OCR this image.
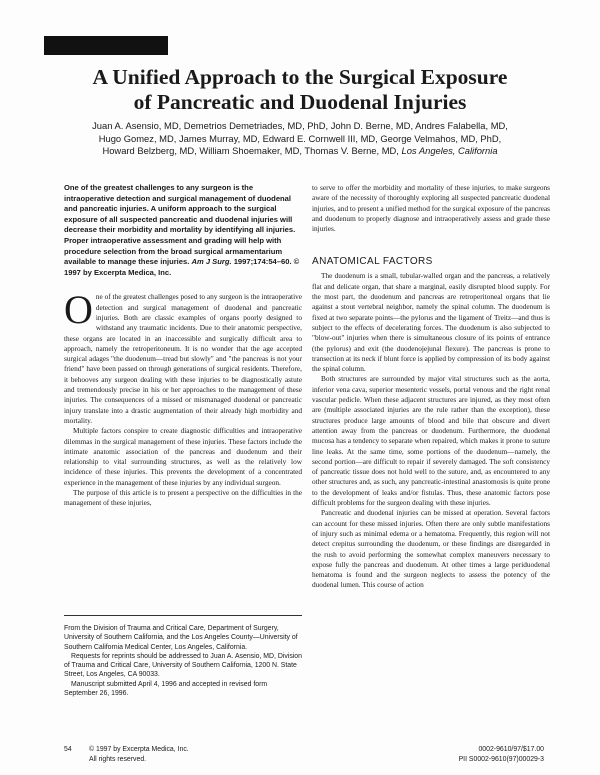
A Unified Approach to the Surgical Exposure
of Pancreatic and Duodenal Injuries
Juan A. Asensio, MD, Demetrios Demetriades, MD, PhD, John D. Berne, MD, Andres Falabella, MD,
Hugo Gomez, MD, James Murray, MD, Edward E. Cornwell III, MD, George Velmahos, MD, PhD,
Howard Belzberg, MD, William Shoemaker, MD, Thomas V. Berne, MD, Los Angeles, California

One of the greatest challenges to any surgeon is the intraoperative detection and surgical management of duodenal and pancreatic injuries. A uniform approach to the surgical exposure of all suspected pancreatic and duodenal injuries will decrease their morbidity and mortality by identifying all injuries. Proper intraoperative assessment and grading will help with procedure selection from the broad surgical armamentarium available to manage these injuries. Am J Surg. 1997;174:54–60. © 1997 by Excerpta Medica, Inc.

One of the greatest challenges posed to any surgeon is the intraoperative detection and surgical management of duodenal and pancreatic injuries. Both are classic examples of organs poorly designed to withstand any traumatic incidents. Due to their anatomic perspective, these organs are located in an inaccessible and surgically difficult area to approach, namely the retroperitoneum. It is no wonder that the age accepted surgical adages "the duodenum—tread but slowly" and "the pancreas is not your friend" have been passed on through generations of surgical residents. Therefore, it behooves any surgeon dealing with these injuries to be diagnostically astute and tremendously precise in his or her approaches to the management of these injuries. The consequences of a missed or mismanaged duodenal or pancreatic injury translate into a drastic augmentation of their already high morbidity and mortality.

Multiple factors conspire to create diagnostic difficulties and intraoperative dilemmas in the surgical management of these injuries. These factors include the intimate anatomic association of the pancreas and duodenum and their relationship to vital surrounding structures, as well as the relatively low incidence of these injuries. This prevents the development of a concentrated experience in the management of these injuries by any individual surgeon.

The purpose of this article is to present a perspective on the difficulties in the management of these injuries,

to serve to offer the morbidity and mortality of these injuries, to make surgeons aware of the necessity of thoroughly exploring all suspected pancreatic duodenal injuries, and to present a unified method for the surgical exposure of the pancreas and duodenum to properly diagnose and intraoperatively assess and grade these injuries.

ANATOMICAL FACTORS

The duodenum is a small, tubular-walled organ and the pancreas, a relatively flat and delicate organ, that share a marginal, easily disrupted blood supply. For the most part, the duodenum and pancreas are retroperitoneal organs that lie against a stout vertebral neighbor, namely the spinal column. The duodenum is fixed at two separate points—the pylorus and the ligament of Treitz—and thus is subject to the effects of decelerating forces. The duodenum is also subjected to "blow-out" injuries when there is simultaneous closure of its points of entrance (the pylorus) and exit (the duodenojejunal flexure). The pancreas is prone to transection at its neck if blunt force is applied by compression of its body against the spinal column.

Both structures are surrounded by major vital structures such as the aorta, inferior vena cava, superior mesenteric vessels, portal venous and the right renal vascular pedicle. When these adjacent structures are injured, as they most often are (multiple associated injuries are the rule rather than the exception), these structures produce large amounts of blood and bile that obscure and divert attention away from the pancreas or duodenum. Furthermore, the duodenal mucosa has a tendency to separate when repaired, which makes it prone to suture line leaks. At the same time, some portions of the duodenum—namely, the second portion—are difficult to repair if severely damaged. The soft consistency of pancreatic tissue does not hold well to the suture, and, as encountered to any other structures and, as such, any pancreatic-intestinal anastomosis is quite prone to the development of leaks and/or fistulas. Thus, these anatomic factors pose difficult problems for the surgeon dealing with these injuries.

Pancreatic and duodenal injuries can be missed at operation. Several factors can account for these missed injuries. Often there are only subtle manifestations of injury such as minimal edema or a hematoma. Frequently, this region will not detect crepitus surrounding the duodenum, or these findings are disregarded in the rush to avoid performing the somewhat complex maneuvers necessary to expose fully the pancreas and duodenum. At other times a large periduodenal hematoma is found and the surgeon neglects to assess the potency of the duodenal lumen. This course of action

From the Division of Trauma and Critical Care, Department of Surgery, University of Southern California, and the Los Angeles County—University of Southern California Medical Center, Los Angeles, California.

Requests for reprints should be addressed to Juan A. Asensio, MD, Division of Trauma and Critical Care, University of Southern California, 1200 N. State Street, Los Angeles, CA 90033.

Manuscript submitted April 4, 1996 and accepted in revised form September 26, 1996.

54	© 1997 by Excerpta Medica, Inc.
All rights reserved.
0002-9610/97/$17.00
PII S0002-9610(97)00029-3
